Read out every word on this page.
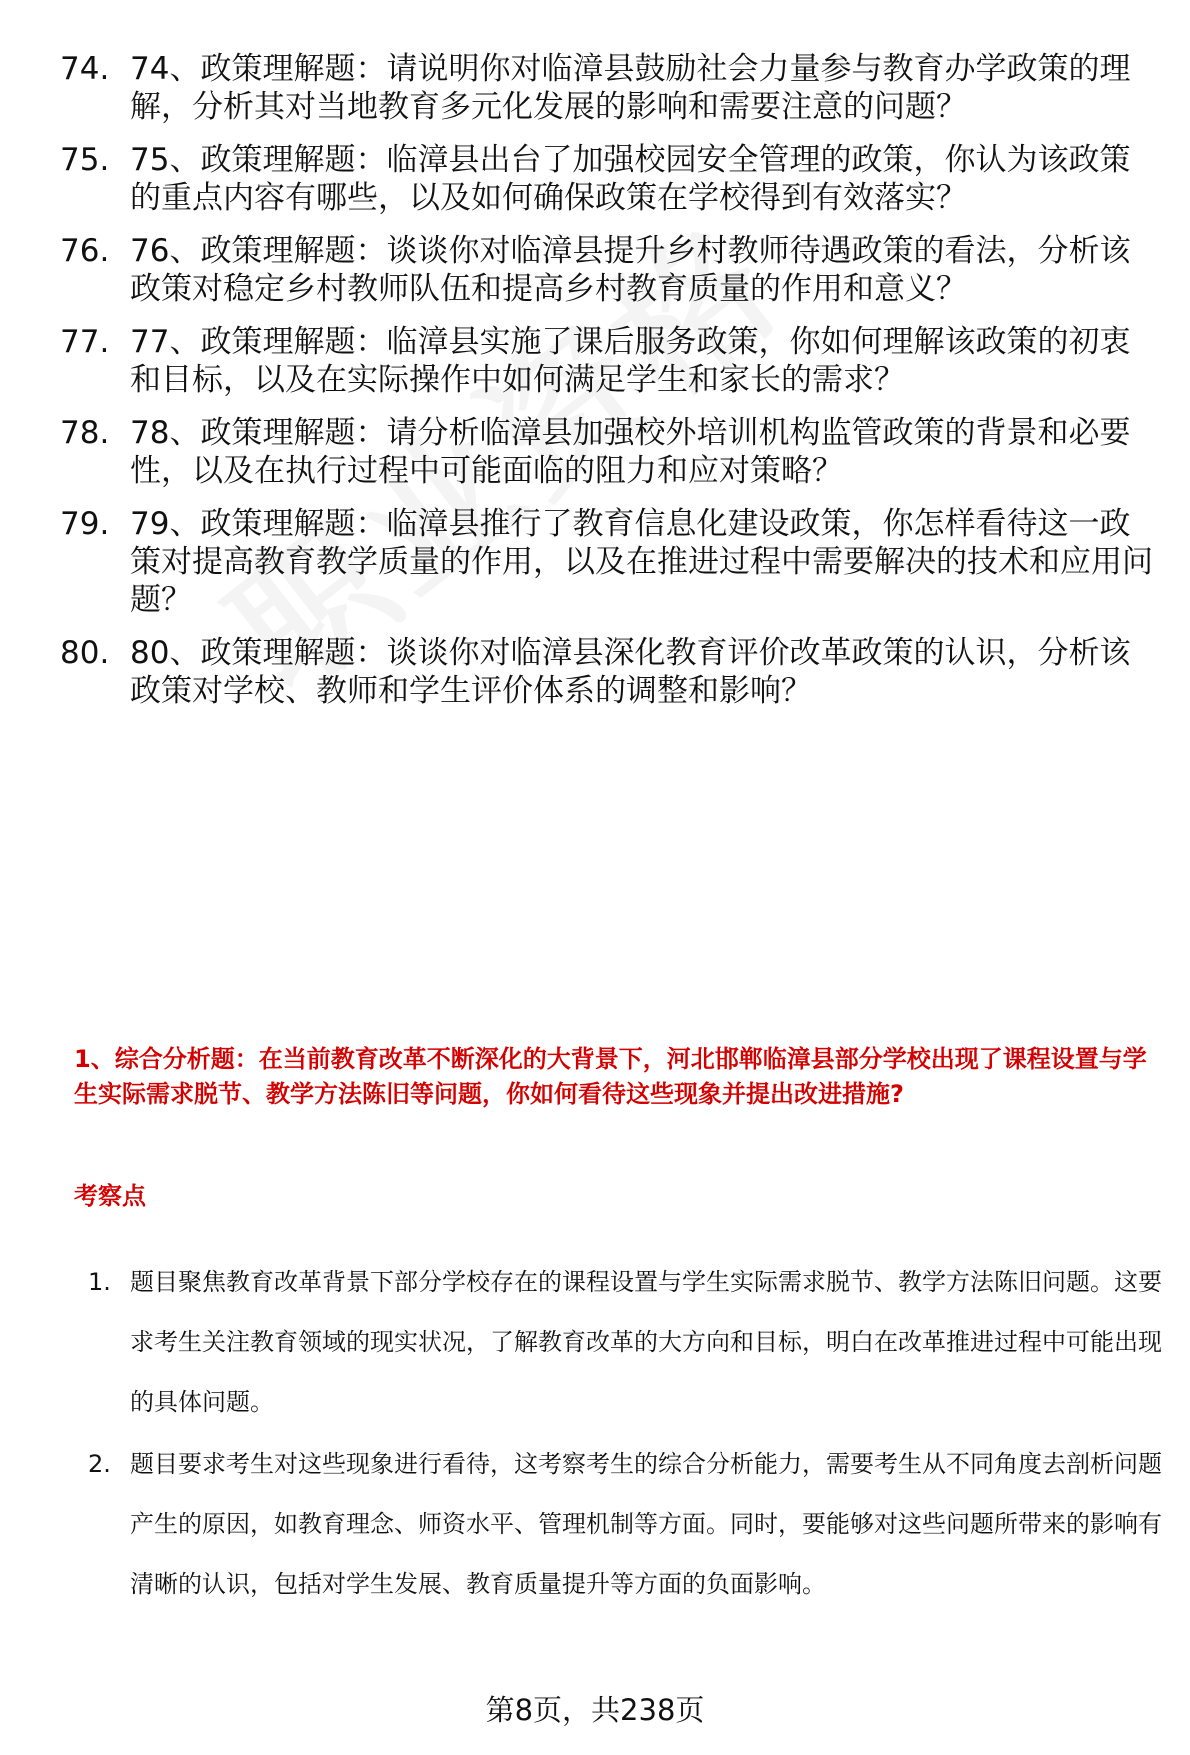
74. 74、政策理解题：请说明你对临漳县鼓励社会力量参与教育办学政策的理解，分析其对当地教育多元化发展的影响和需要注意的问题？
75. 75、政策理解题：临漳县出台了加强校园安全管理的政策，你认为该政策的重点内容有哪些，以及如何确保政策在学校得到有效落实？
76. 76、政策理解题：谈谈你对临漳县提升乡村教师待遇政策的看法，分析该政策对稳定乡村教师队伍和提高乡村教育质量的作用和意义？
77. 77、政策理解题：临漳县实施了课后服务政策，你如何理解该政策的初衷和目标，以及在实际操作中如何满足学生和家长的需求？
78. 78、政策理解题：请分析临漳县加强校外培训机构监管政策的背景和必要性，以及在执行过程中可能面临的阻力和应对策略？
79. 79、政策理解题：临漳县推行了教育信息化建设政策，你怎样看待这一政策对提高教育教学质量的作用，以及在推进过程中需要解决的技术和应用问题？
80. 80、政策理解题：谈谈你对临漳县深化教育评价改革政策的认识，分析该政策对学校、教师和学生评价体系的调整和影响？
1、综合分析题：在当前教育改革不断深化的大背景下，河北邯郸临漳县部分学校出现了课程设置与学生实际需求脱节、教学方法陈旧等问题，你如何看待这些现象并提出改进措施?
考察点
1. 题目聚焦教育改革背景下部分学校存在的课程设置与学生实际需求脱节、教学方法陈旧问题。这要求考生关注教育领域的现实状况，了解教育改革的大方向和目标，明白在改革推进过程中可能出现的具体问题。
2. 题目要求考生对这些现象进行看待，这考察考生的综合分析能力，需要考生从不同角度去剖析问题产生的原因，如教育理念、师资水平、管理机制等方面。同时，要能够对这些问题所带来的影响有清晰的认识，包括对学生发展、教育质量提升等方面的负面影响。
第8页，共238页
